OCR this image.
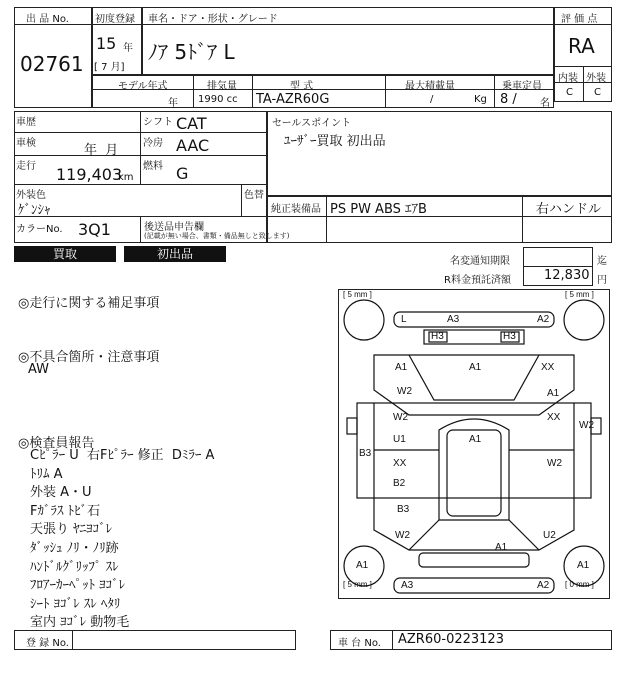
出 品 No.
02761
初度登録
15 年
[ 7 月]
車名・ドア・形状・グレード
ﾉｱ 5ﾄﾞｱ L
評 価 点
RA
内装 外装
C C
モデル年式
年
排気量
1990 cc
型 式
TA-AZR60G
最大積載量
/	Kg
乗車定員
8 / 名
車歴	シフト CAT
車検	年  月 冷房 AAC
走行 119,403
km
燃料 G
外装色
ｹﾞﾝｼｬ
色替
カラーNo. 3Q1	後送品申告欄
(記載が無い場合、書類・備品無しと致します)
セールスポイント
ﾕｰｻﾞｰ買取 初出品
純正装備品 PS PW ABS ｴｱB	右ハンドル
買取	初出品
名変通知期限	迄
R料金預託済額	12,830 円
◎走行に関する補足事項
◎不具合箇所・注意事項
AW
◎検査員報告
Cﾋﾟﾗｰ U  右Fﾋﾟﾗｰ 修正  Dﾐﾗｰ A
ﾄﾘﾑ A
外装 A・U
Fｶﾞﾗｽ ﾄﾋﾞ石
天張り ﾔﾆﾖｺﾞﾚ
ﾀﾞｯｼｭ ﾉﾘ・ﾉﾘ跡
ﾊﾝﾄﾞﾙｸﾞﾘｯﾌﾟ ｽﾚ
ﾌﾛｱｰｶｰﾍﾟｯﾄ ﾖｺﾞﾚ
ｼｰﾄ ﾖｺﾞﾚ ｽﾚ ﾍﾀﾘ
室内 ﾖｺﾞﾚ 動物毛
[ 5 mm ]	[ 5 mm ]
[ 5 mm ]	[ 0 mm ]
L	A3	A2
H3	H3
A1
W2
A1	XX
A1
W2	XX
W2
U1	A1
B3
XX	W2
B2
B3
W2	U2
A1
A1	A1
A3	A2
登 録 No.	車 台 No. AZR60-0223123
